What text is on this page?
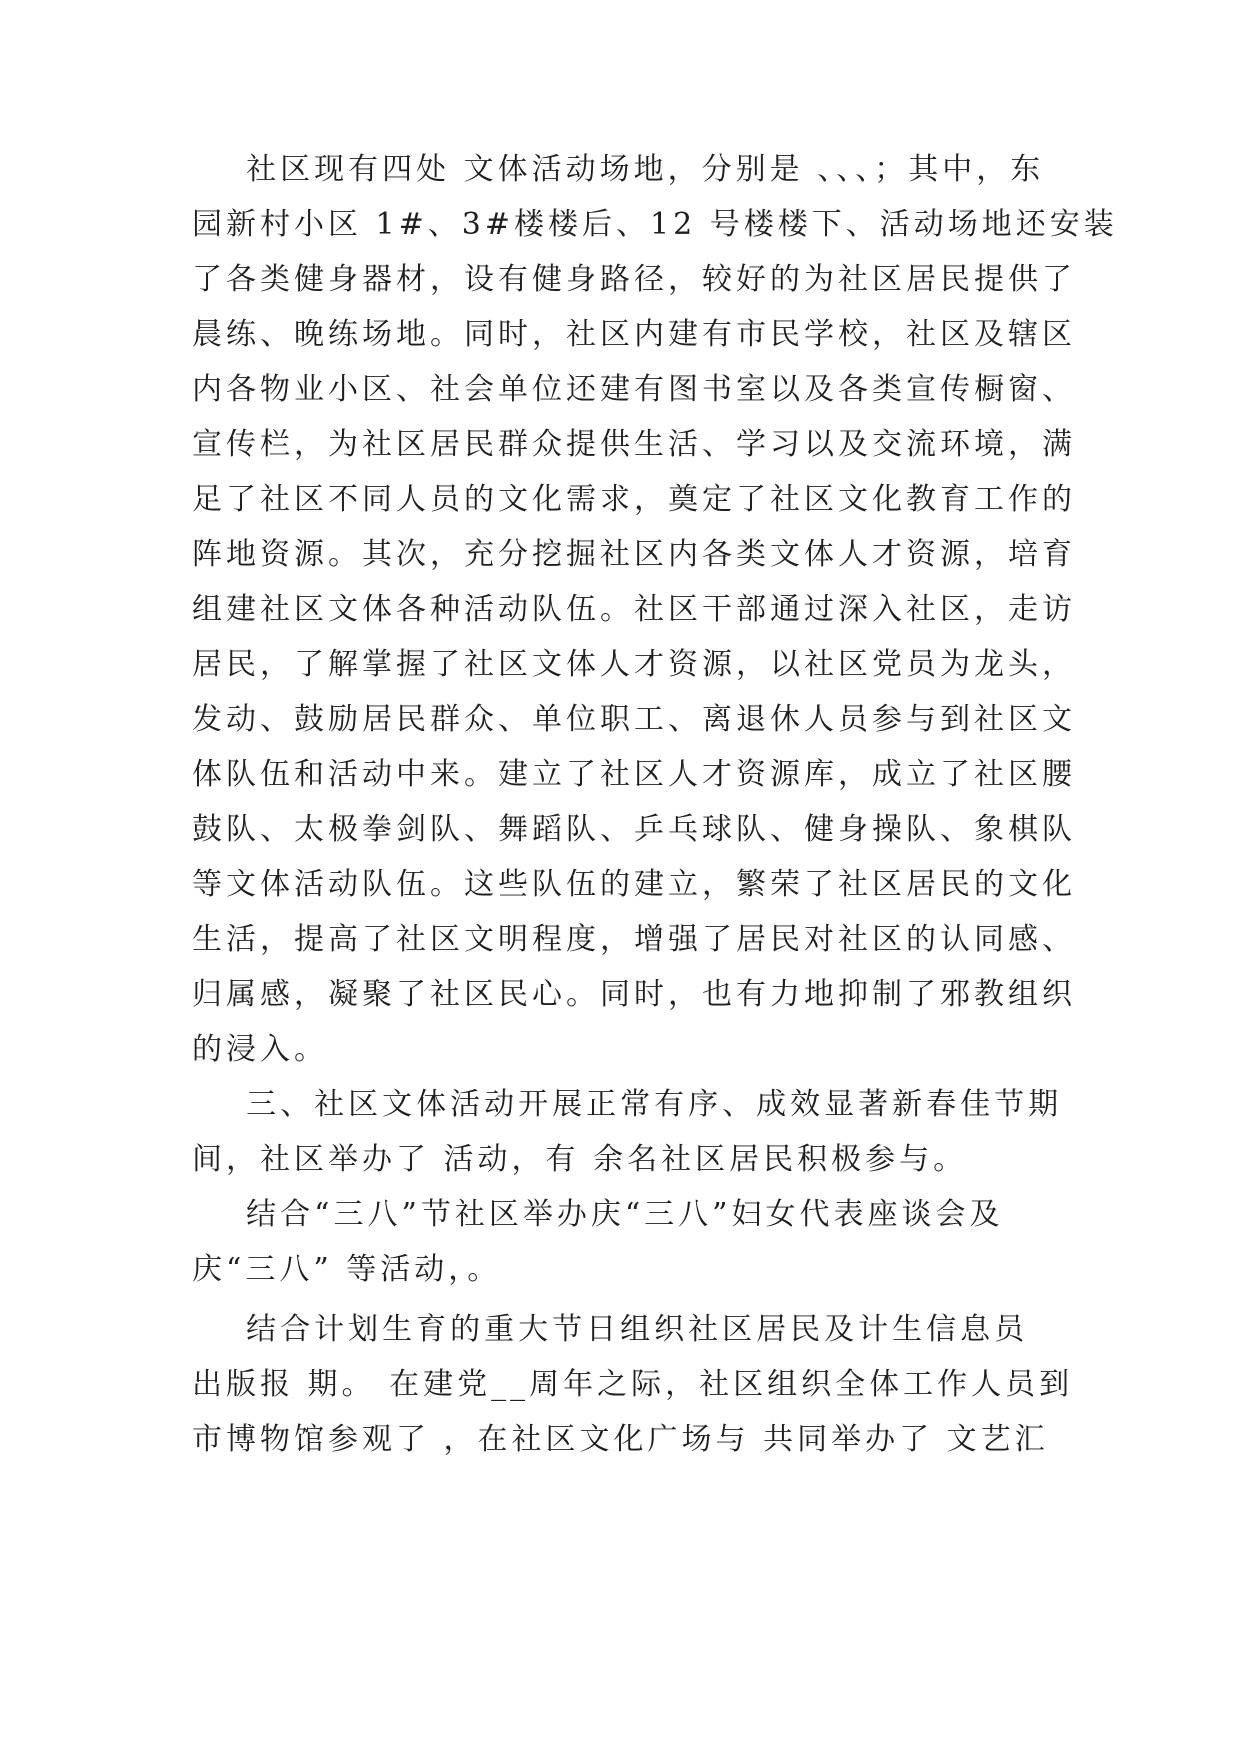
社区现有四处 文体活动场地，分别是 、、、；其中，东
园新村小区 1#、3#楼楼后、12 号楼楼下、活动场地还安装
了各类健身器材，设有健身路径，较好的为社区居民提供了
晨练、晚练场地。同时，社区内建有市民学校，社区及辖区
内各物业小区、社会单位还建有图书室以及各类宣传橱窗、
宣传栏，为社区居民群众提供生活、学习以及交流环境，满
足了社区不同人员的文化需求，奠定了社区文化教育工作的
阵地资源。其次，充分挖掘社区内各类文体人才资源，培育
组建社区文体各种活动队伍。社区干部通过深入社区，走访
居民，了解掌握了社区文体人才资源，以社区党员为龙头，
发动、鼓励居民群众、单位职工、离退休人员参与到社区文
体队伍和活动中来。建立了社区人才资源库，成立了社区腰
鼓队、太极拳剑队、舞蹈队、乒乓球队、健身操队、象棋队
等文体活动队伍。这些队伍的建立，繁荣了社区居民的文化
生活，提高了社区文明程度，增强了居民对社区的认同感、
归属感，凝聚了社区民心。同时，也有力地抑制了邪教组织
的浸入。
三、社区文体活动开展正常有序、成效显著新春佳节期
间，社区举办了 活动，有 余名社区居民积极参与。
结合“三八”节社区举办庆“三八”妇女代表座谈会及
庆“三八” 等活动，。
结合计划生育的重大节日组织社区居民及计生信息员
出版报 期。 在建党__周年之际，社区组织全体工作人员到
市博物馆参观了 ，在社区文化广场与 共同举办了 文艺汇
